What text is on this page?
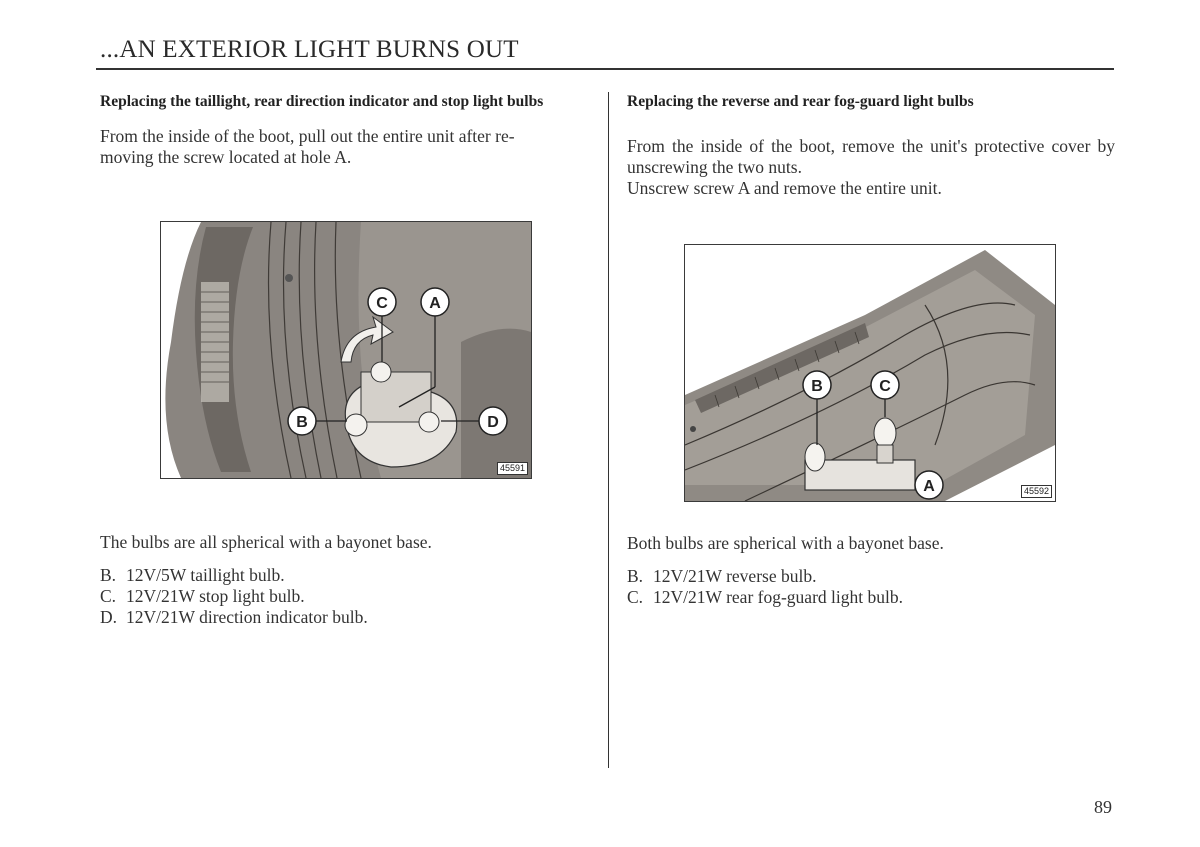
...AN EXTERIOR LIGHT BURNS OUT
Replacing the taillight, rear direction indicator and stop light bulbs
From the inside of the boot, pull out the entire unit after re-
moving the screw located at hole A.
C	A
B	D
45591

The bulbs are all spherical with a bayonet base.

B. 12V/5W taillight bulb.
C. 12V/21W stop light bulb.
D. 12V/21W direction indicator bulb.
Replacing the reverse and rear fog-guard light bulbs

From the inside of the boot, remove the unit's protective cover by unscrewing the two nuts.

Unscrew screw A and remove the entire unit.

B	C
A	45592

Both bulbs are spherical with a bayonet base.

B. 12V/21W reverse bulb.
C. 12V/21W rear fog-guard light bulb.
89
